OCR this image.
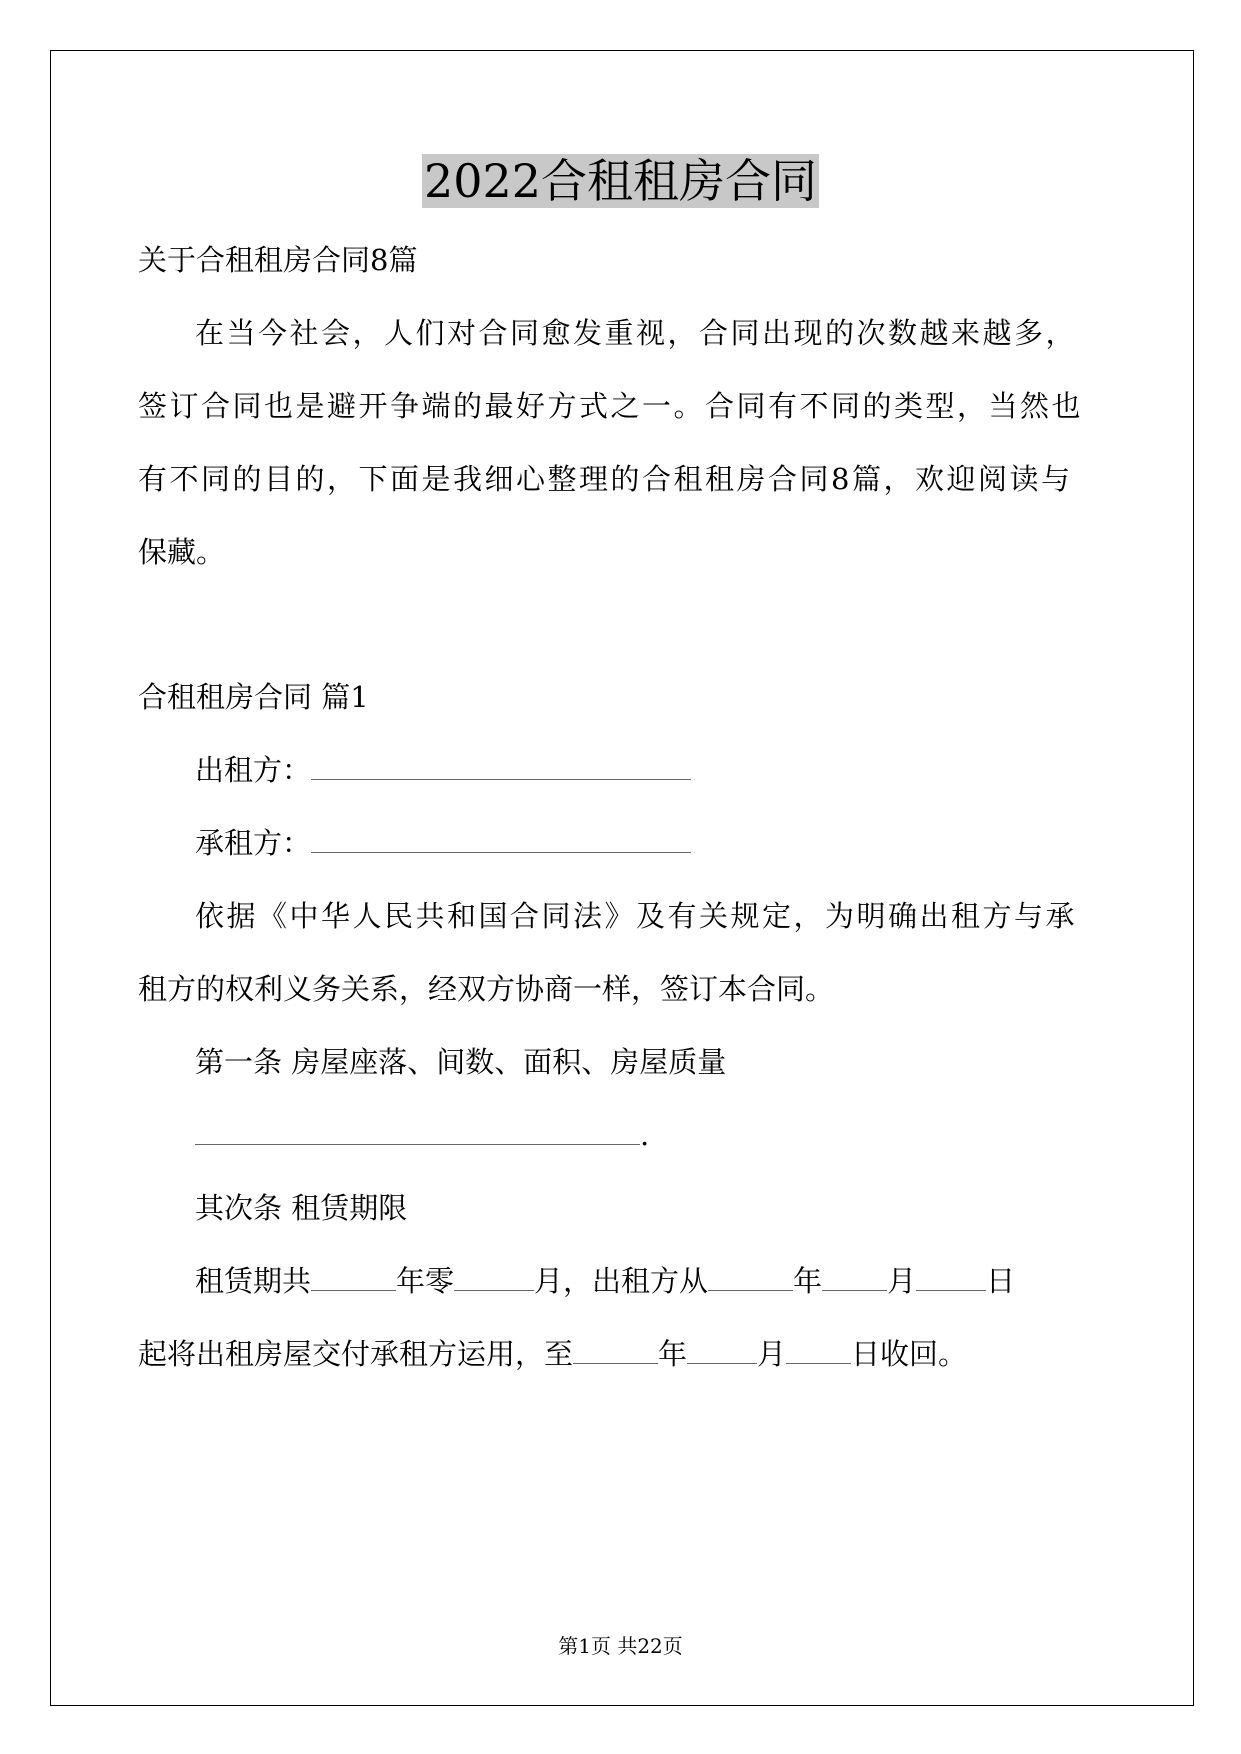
2022合租租房合同
关于合租租房合同8篇
在当今社会，人们对合同愈发重视，合同出现的次数越来越多，
签订合同也是避开争端的最好方式之一。合同有不同的类型，当然也
有不同的目的，下面是我细心整理的合租租房合同8篇，欢迎阅读与
保藏。
合租租房合同 篇1
出租方：
承租方：
依据《中华人民共和国合同法》及有关规定，为明确出租方与承
租方的权利义务关系，经双方协商一样，签订本合同。
第一条 房屋座落、间数、面积、房屋质量
.
其次条 租赁期限
租赁期共	年零	月，出租方从	年 月 日
起将出租房屋交付承租方运用，至	年 月 日收回。
第1页 共22页
